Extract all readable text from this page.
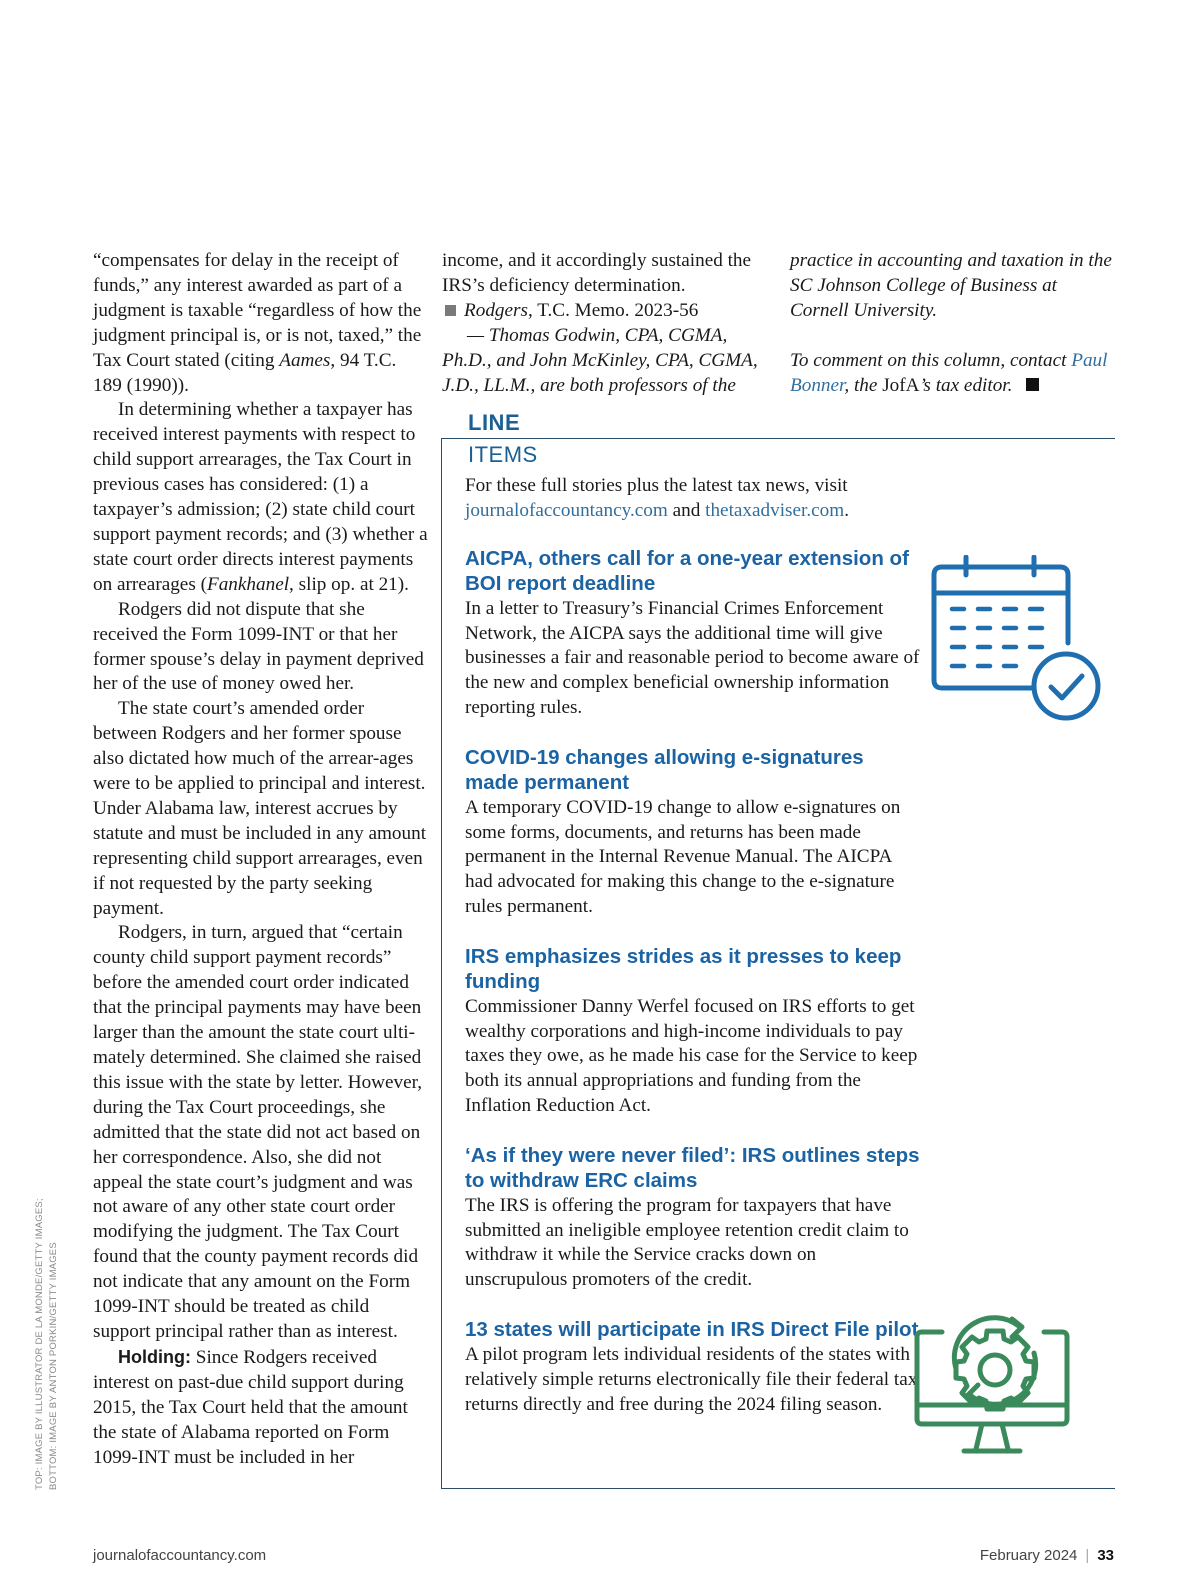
“compensates for delay in the receipt of funds,” any interest awarded as part of a judgment is taxable “regardless of how the judgment principal is, or is not, taxed,” the Tax Court stated (citing Aames, 94 T.C. 189 (1990)).

In determining whether a taxpayer has received interest payments with respect to child support arrearages, the Tax Court in previous cases has considered: (1) a taxpayer’s admission; (2) state child court support payment records; and (3) whether a state court order directs interest payments on arrearages (Fankhanel, slip op. at 21).

Rodgers did not dispute that she received the Form 1099-INT or that her former spouse’s delay in payment deprived her of the use of money owed her.

The state court’s amended order between Rodgers and her former spouse also dictated how much of the arrear-ages were to be applied to principal and interest. Under Alabama law, interest accrues by statute and must be included in any amount representing child support arrearages, even if not requested by the party seeking payment.

Rodgers, in turn, argued that “certain county child support payment records” before the amended court order indicated that the principal payments may have been larger than the amount the state court ulti-mately determined. She claimed she raised this issue with the state by letter. However, during the Tax Court proceedings, she admitted that the state did not act based on her correspondence. Also, she did not appeal the state court’s judgment and was not aware of any other state court order modifying the judgment. The Tax Court found that the county payment records did not indicate that any amount on the Form 1099-INT should be treated as child support principal rather than as interest.

Holding: Since Rodgers received interest on past-due child support during 2015, the Tax Court held that the amount the state of Alabama reported on Form 1099-INT must be included in her

income, and it accordingly sustained the IRS’s deficiency determination.

Rodgers, T.C. Memo. 2023-56

— Thomas Godwin, CPA, CGMA, Ph.D., and John McKinley, CPA, CGMA, J.D., LL.M., are both professors of the

practice in accounting and taxation in the SC Johnson College of Business at Cornell University.

To comment on this column, contact Paul Bonner, the JofA’s tax editor.

LINE
ITEMS
For these full stories plus the latest tax news, visit journalofaccountancy.com and thetaxadviser.com.

AICPA, others call for a one-year extension of BOI report deadline

In a letter to Treasury’s Financial Crimes Enforcement Network, the AICPA says the additional time will give businesses a fair and reasonable period to become aware of the new and complex beneficial ownership information reporting rules.

COVID-19 changes allowing e-signatures made permanent

A temporary COVID-19 change to allow e-signatures on some forms, documents, and returns has been made permanent in the Internal Revenue Manual. The AICPA had advocated for making this change to the e-signature rules permanent.

IRS emphasizes strides as it presses to keep funding

Commissioner Danny Werfel focused on IRS efforts to get wealthy corporations and high-income individuals to pay taxes they owe, as he made his case for the Service to keep both its annual appropriations and funding from the Inflation Reduction Act.

‘As if they were never filed’: IRS outlines steps to withdraw ERC claims

The IRS is offering the program for taxpayers that have submitted an ineligible employee retention credit claim to withdraw it while the Service cracks down on unscrupulous promoters of the credit.

13 states will participate in IRS Direct File pilot

A pilot program lets individual residents of the states with relatively simple returns electronically file their federal tax returns directly and free during the 2024 filing season.

TOP: IMAGE BY ILLUSTRATOR DE LA MONDE/GETTY IMAGES; BOTTOM: IMAGE BY ANTON PORKIN/GETTY IMAGES
journalofaccountancy.com	February 2024 | 33
